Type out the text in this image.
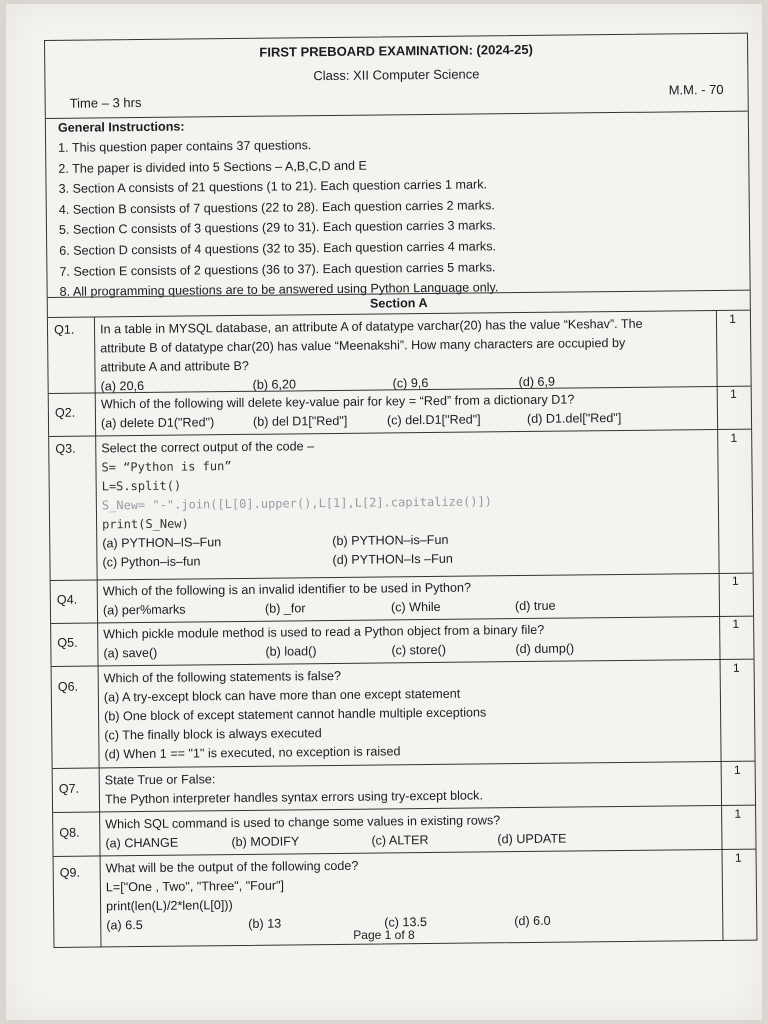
FIRST PREBOARD EXAMINATION: (2024-25)
Class: XII Computer Science
Time – 3 hrs
M.M. - 70
General Instructions:
1. This question paper contains 37 questions.
2. The paper is divided into 5 Sections – A,B,C,D and E
3. Section A consists of 21 questions (1 to 21). Each question carries 1 mark.
4. Section B consists of 7 questions (22 to 28). Each question carries 2 marks.
5. Section C consists of 3 questions (29 to 31). Each question carries 3 marks.
6. Section D consists of 4 questions (32 to 35). Each question carries 4 marks.
7. Section E consists of 2 questions (36 to 37). Each question carries 5 marks.
8. All programming questions are to be answered using Python Language only.
Section A
Q1. In a table in MYSQL database, an attribute A of datatype varchar(20) has the value “Keshav”. The attribute B of datatype char(20) has value “Meenakshi”. How many characters are occupied by attribute A and attribute B?
(a) 20,6	(b) 6,20	(c) 9,6	(d) 6,9
1
Q2.
Which of the following will delete key-value pair for key = “Red” from a dictionary D1?
(a) delete D1("Red")	(b) del D1["Red"]	(c) del.D1["Red"]	(d) D1.del["Red"]
1
Q3. Select the correct output of the code –
S= “Python is fun”
L=S.split()
S_New= "-".join([L[0].upper(),L[1],L[2].capitalize()])
print(S_New)
(a) PYTHON–IS–Fun	(b) PYTHON–is–Fun
(c) Python–is–fun	(d) PYTHON–Is –Fun
1
Q4.
Which of the following is an invalid identifier to be used in Python?
(a) per%marks	(b) _for	(c) While	(d) true
1
Q5.
Which pickle module method is used to read a Python object from a binary file?
(a) save()	(b) load()	(c) store()	(d) dump()
1
Q6.
Which of the following statements is false?
(a) A try-except block can have more than one except statement
(b) One block of except statement cannot handle multiple exceptions
(c) The finally block is always executed
(d) When 1 == "1" is executed, no exception is raised
1
Q7.
State True or False:
The Python interpreter handles syntax errors using try-except block.
1
Q8.
Which SQL command is used to change some values in existing rows?
(a) CHANGE	(b) MODIFY	(c) ALTER	(d) UPDATE
1
Q9. What will be the output of the following code?
L=["One , Two", "Three", "Four"]
print(len(L)/2*len(L[0]))
(a) 6.5	(b) 13	(c) 13.5	(d) 6.0
1
Page 1 of 8
